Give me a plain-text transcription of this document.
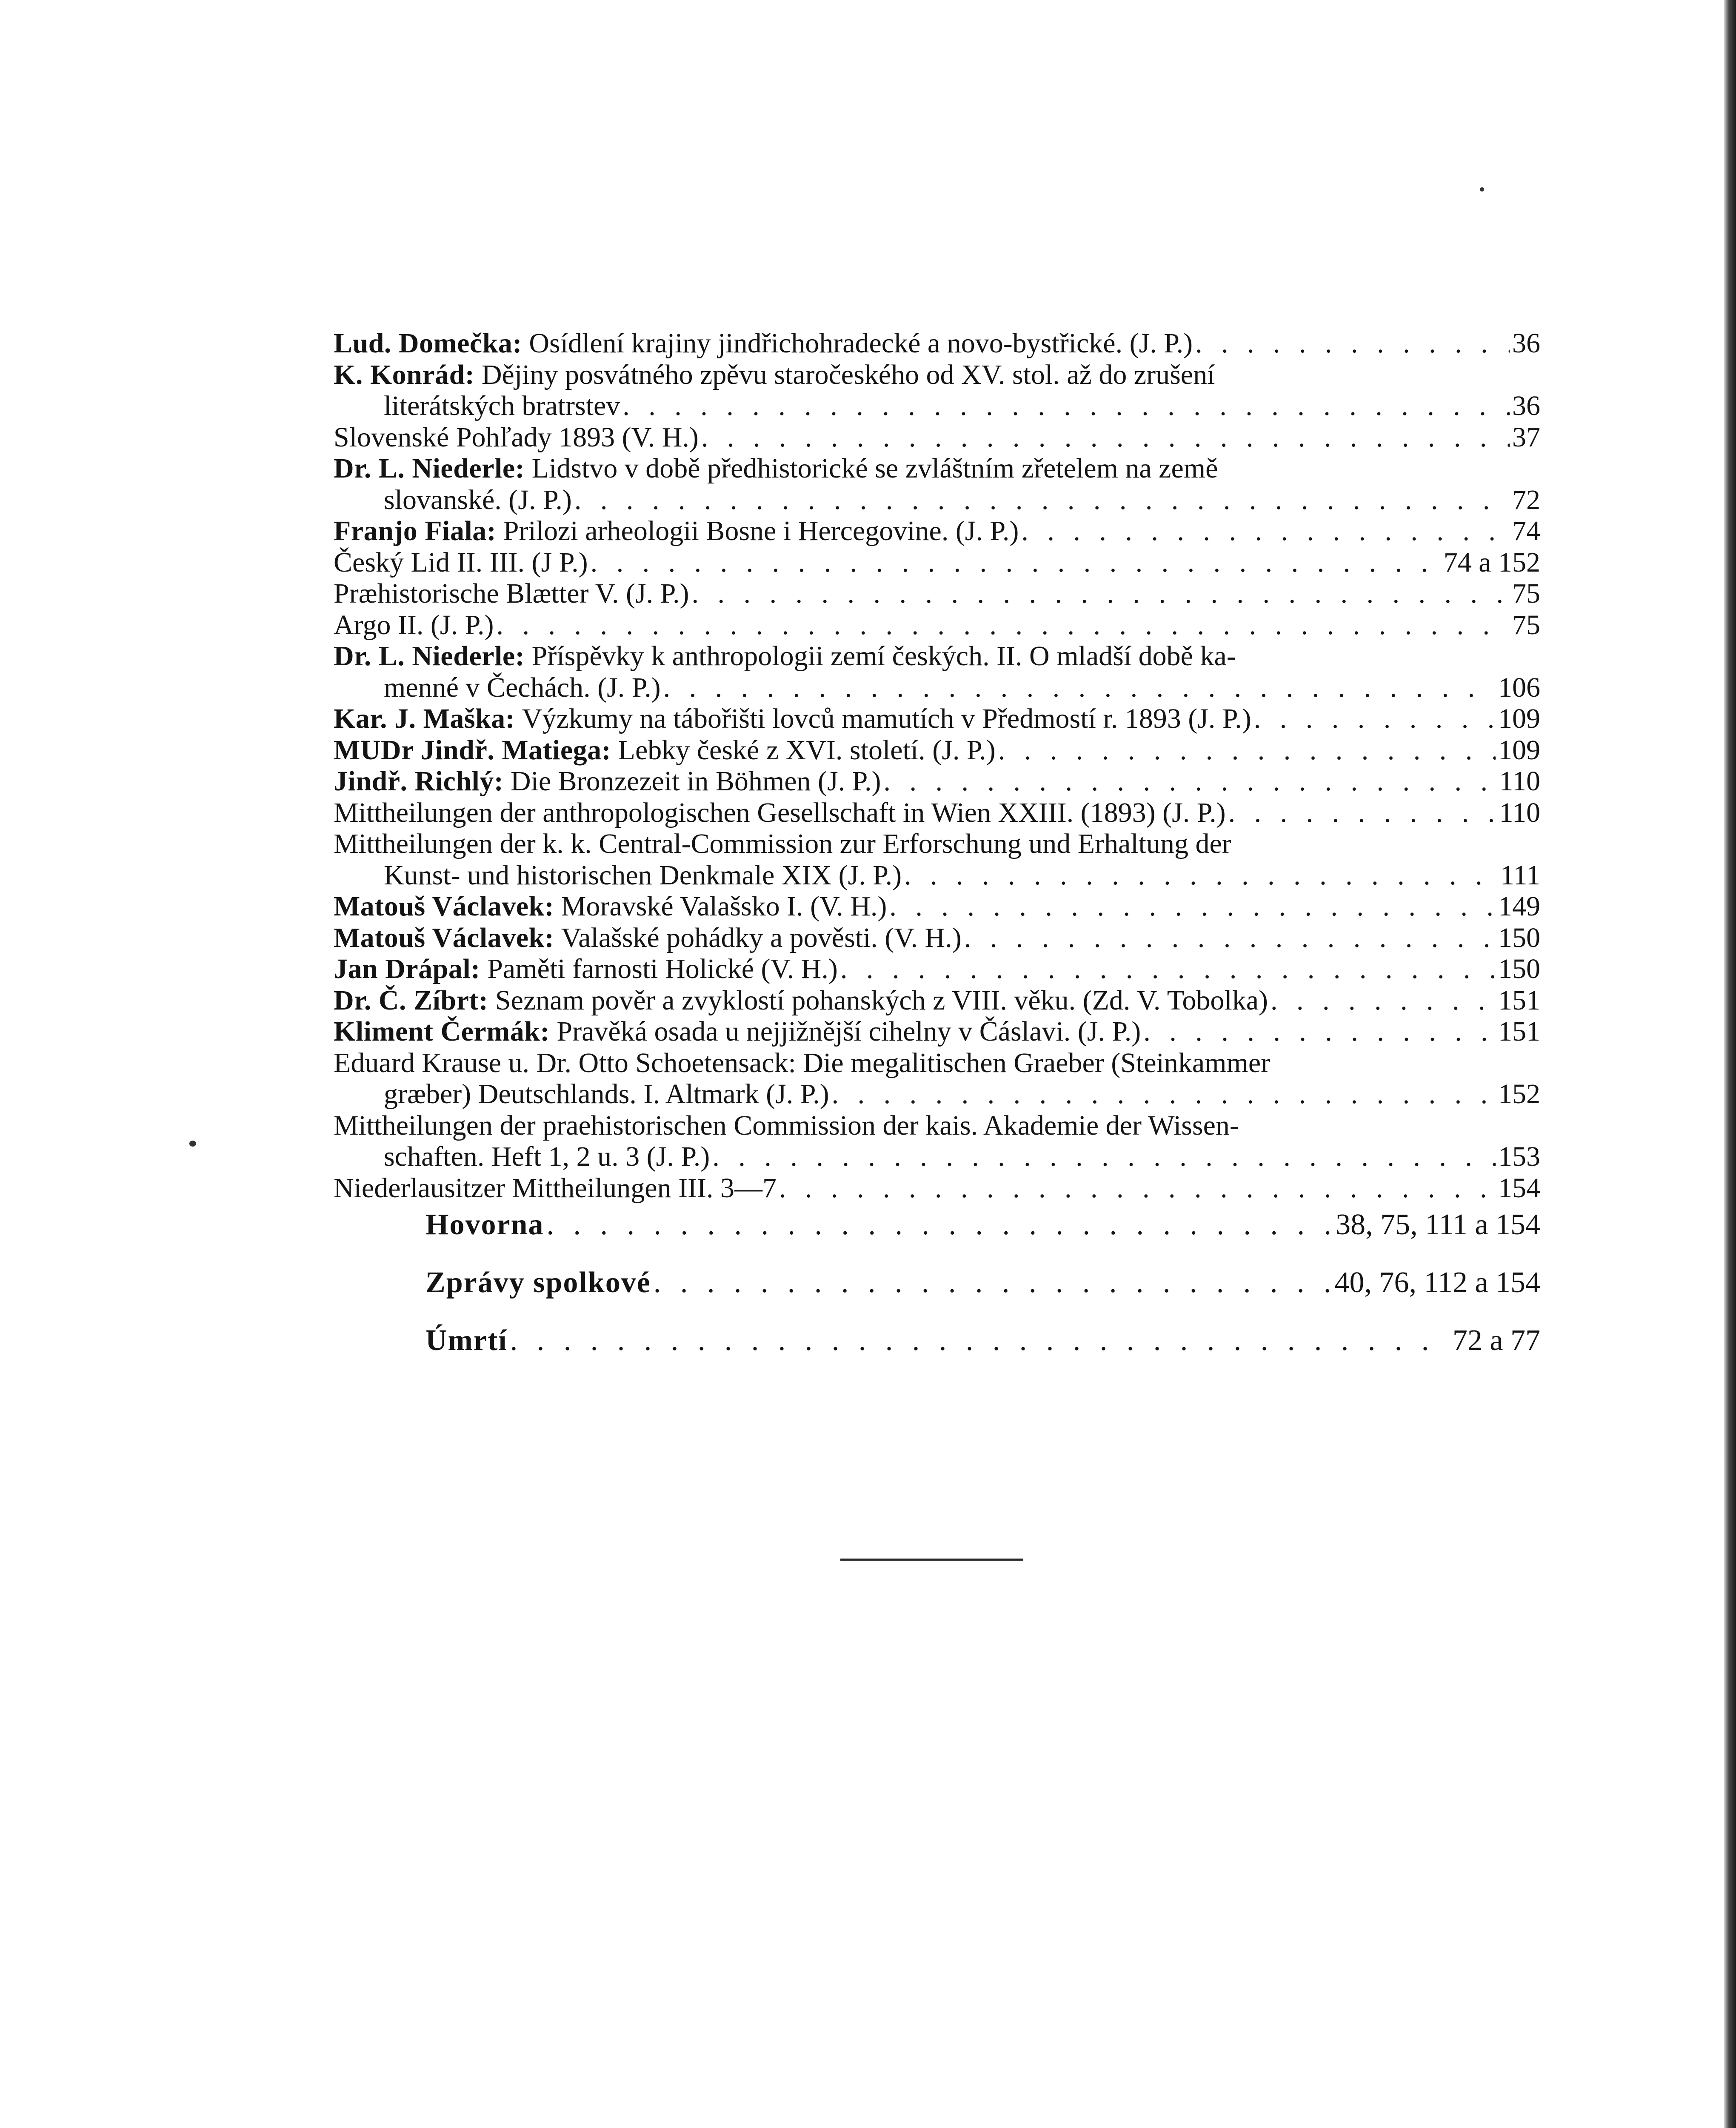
Lud. Domečka:
Osídlení krajiny jindřichohradecké a novo-bystřické. (J. P.) . . .	36
K. Konrád:
Dějiny posvátného zpěvu staročeského od XV. stol. až do zrušení
literátských bratrstev . . .	36
Slovenské Pohľady 1893 (V. H.) . . .	37
Dr. L. Niederle:
Lidstvo v době předhistorické se zvláštním zřetelem na země
slovanské. (J. P.) . . .	72
Franjo Fiala:
Prilozi arheologii Bosne i Hercegovine. (J. P.) . . .	74
Český Lid II. III. (J P.) . . .	74 a 152
Præhistorische Blætter V. (J. P.) . . .	75
Argo II. (J. P.) . . .	75
Dr. L. Niederle:
Příspěvky k anthropologii zemí českých. II. O mladší době ka-
menné v Čechách. (J. P.) . . .	106
Kar. J. Maška:
Výzkumy na tábořišti lovců mamutích v Předmostí r. 1893 (J. P.) . . .	109
MUDr Jindř. Matiega:
Lebky české z XVI. století. (J. P.) . . .	109
Jindř. Richlý:
Die Bronzezeit in Böhmen (J. P.) . . .	110
Mittheilungen der anthropologischen Gesellschaft in Wien XXIII. (1893) (J. P.) . . .	110
Mittheilungen der k. k. Central-Commission zur Erforschung und Erhaltung der
Kunst- und historischen Denkmale XIX (J. P.) . . .	111
Matouš Václavek:
Moravské Valašsko I. (V. H.) . . .	149
Matouš Václavek:
Valašské pohádky a pověsti. (V. H.) . . .	150
Jan Drápal:
Paměti farnosti Holické (V. H.) . . .	150
Dr. Č. Zíbrt:
Seznam pověr a zvyklostí pohanských z VIII. věku. (Zd. V. Tobolka) . . .	151
Kliment Čermák:
Pravěká osada u nejjižnější cihelny v Čáslavi. (J. P.) . . .	151
Eduard Krause u. Dr. Otto Schoetensack: Die megalitischen Graeber (Steinkammer
græber) Deutschlands. I. Altmark (J. P.) . . .	152
Mittheilungen der praehistorischen Commission der kais. Akademie der Wissen-
schaften. Heft 1, 2 u. 3 (J. P.) . . .	153
Niederlausitzer Mittheilungen III. 3—7 . . .	154
Hovorna . . .	38, 75, 111 a 154
Zprávy spolkové . . .	40, 76, 112 a 154
Úmrtí . . .	72 a 77
